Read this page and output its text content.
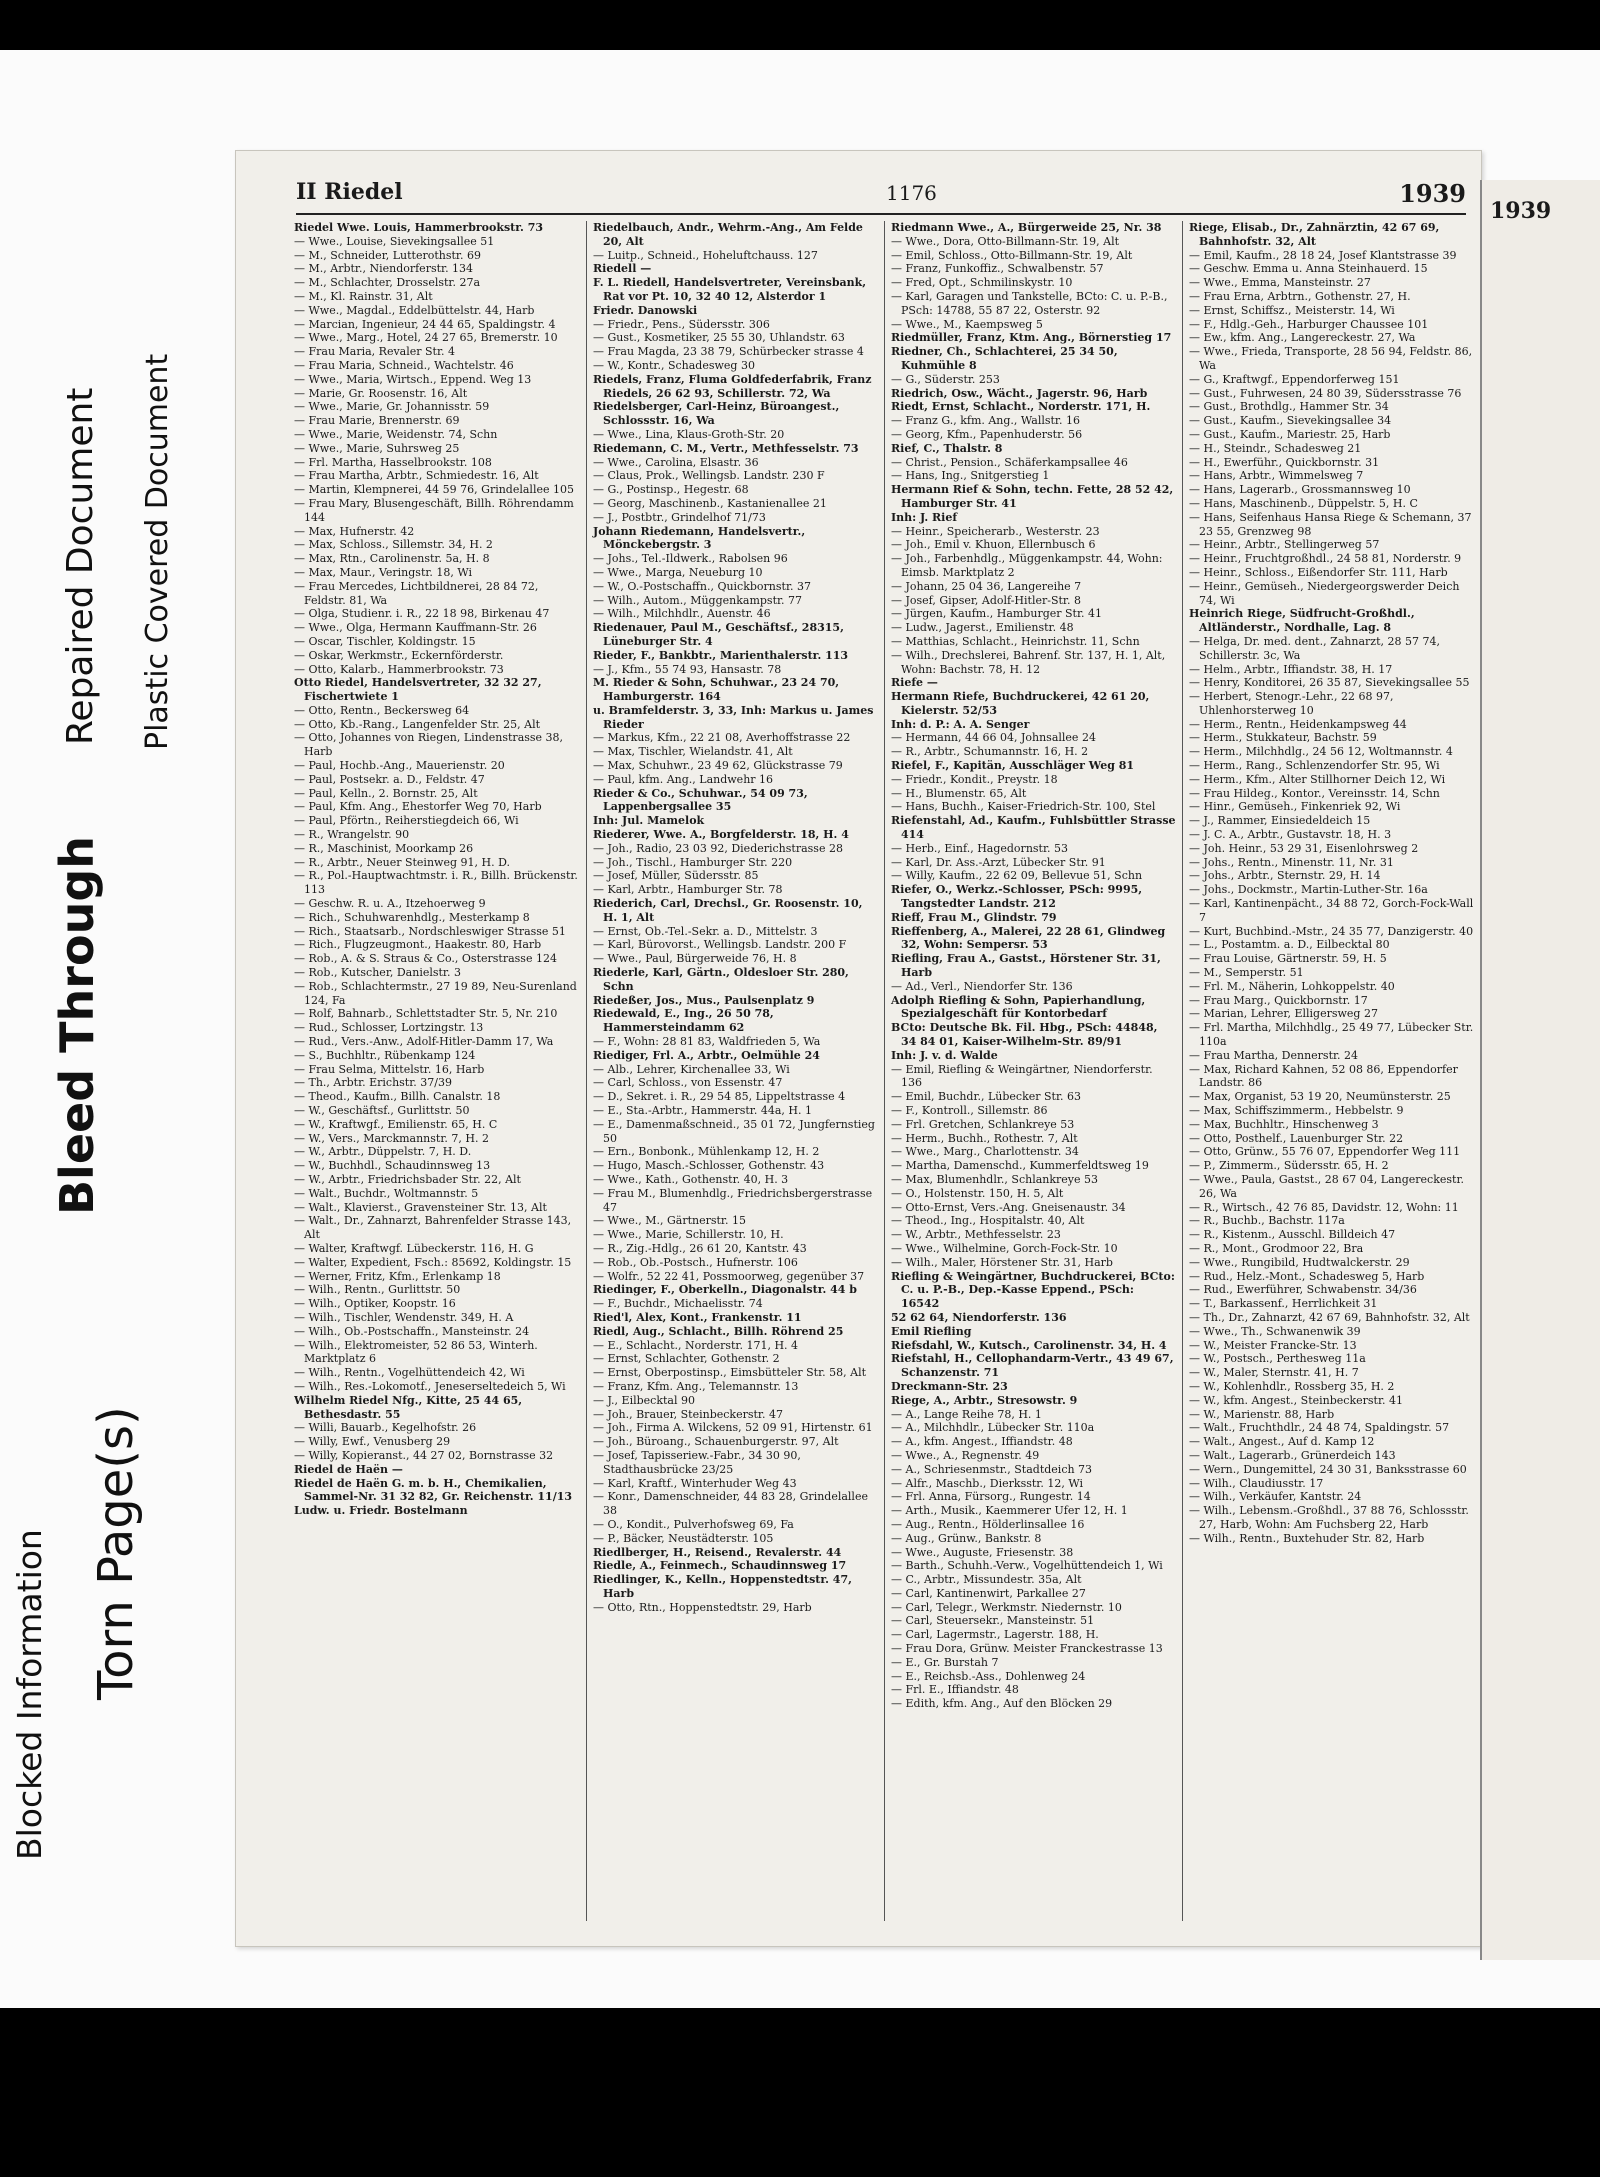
Torn Page(s)
Blocked Information
Bleed Through
Repaired Document Plastic Covered Document
II Riedel	1176	1939
Riedel Wwe. Louis, Hammerbrookstr. 73
— Wwe., Louise, Sievekingsallee 51
— M., Schneider, Lutterothstr. 69
— M., Arbtr., Niendorferstr. 134
— M., Schlachter, Drosselstr. 27a
— M., Kl. Rainstr. 31, Alt
— Wwe., Magdal., Eddelbüttelstr. 44, Harb
— Marcian, Ingenieur, 24 44 65, Spaldingstr. 4
— Wwe., Marg., Hotel, 24 27 65, Bremerstr. 10
— Frau Maria, Revaler Str. 4
— Frau Maria, Schneid., Wachtelstr. 46
— Wwe., Maria, Wirtsch., Eppend. Weg 13
— Marie, Gr. Roosenstr. 16, Alt
— Wwe., Marie, Gr. Johannisstr. 59
— Frau Marie, Brennerstr. 69
— Wwe., Marie, Weidenstr. 74, Schn
— Wwe., Marie, Suhrsweg 25
— Frl. Martha, Hasselbrookstr. 108
— Frau Martha, Arbtr., Schmiedestr. 16, Alt
— Martin, Klempnerei, 44 59 76, Grindelallee 105
— Frau Mary, Blusengeschäft, Billh. Röhrendamm 144
— Max, Hufnerstr. 42
— Max, Schloss., Sillemstr. 34, H. 2
— Max, Rtn., Carolinenstr. 5a, H. 8
— Max, Maur., Veringstr. 18, Wi
— Frau Mercedes, Lichtbildnerei, 28 84 72, Feldstr. 81, Wa
— Olga, Studienr. i. R., 22 18 98, Birkenau 47
— Wwe., Olga, Hermann Kauffmann-Str. 26
— Oscar, Tischler, Koldingstr. 15
— Oskar, Werkmstr., Eckernförderstr.
— Otto, Kalarb., Hammerbrookstr. 73
Otto Riedel, Handelsvertreter, 32 32 27, Fischertwiete 1
— Otto, Rentn., Beckersweg 64
— Otto, Kb.-Rang., Langenfelder Str. 25, Alt
— Otto, Johannes von Riegen, Lindenstrasse 38, Harb
— Paul, Hochb.-Ang., Mauerienstr. 20
— Paul, Postsekr. a. D., Feldstr. 47
— Paul, Kelln., 2. Bornstr. 25, Alt
— Paul, Kfm. Ang., Ehestorfer Weg 70, Harb
— Paul, Pförtn., Reiherstiegdeich 66, Wi
— R., Wrangelstr. 90
— R., Maschinist, Moorkamp 26
— R., Arbtr., Neuer Steinweg 91, H. D.
— R., Pol.-Hauptwachtmstr. i. R., Billh. Brückenstr. 113
— Geschw. R. u. A., Itzehoerweg 9
— Rich., Schuhwarenhdlg., Mesterkamp 8
— Rich., Staatsarb., Nordschleswiger Strasse 51
— Rich., Flugzeugmont., Haakestr. 80, Harb
— Rob., A. & S. Straus & Co., Osterstrasse 124
— Rob., Kutscher, Danielstr. 3
— Rob., Schlachtermstr., 27 19 89, Neu-Surenland 124, Fa
— Rolf, Bahnarb., Schlettstadter Str. 5, Nr. 210
— Rud., Schlosser, Lortzingstr. 13
— Rud., Vers.-Anw., Adolf-Hitler-Damm 17, Wa
— S., Buchhltr., Rübenkamp 124
— Frau Selma, Mittelstr. 16, Harb
— Th., Arbtr. Erichstr. 37/39
— Theod., Kaufm., Billh. Canalstr. 18
— W., Geschäftsf., Gurlittstr. 50
— W., Kraftwgf., Emilienstr. 65, H. C
— W., Vers., Marckmannstr. 7, H. 2
— W., Arbtr., Düppelstr. 7, H. D.
— W., Buchhdl., Schaudinnsweg 13
— W., Arbtr., Friedrichsbader Str. 22, Alt
— Walt., Buchdr., Woltmannstr. 5
— Walt., Klavierst., Gravensteiner Str. 13, Alt
— Walt., Dr., Zahnarzt, Bahrenfelder Strasse 143, Alt
— Walter, Kraftwgf. Lübeckerstr. 116, H. G
— Walter, Expedient, Fsch.: 85692, Koldingstr. 15
— Werner, Fritz, Kfm., Erlenkamp 18
— Wilh., Rentn., Gurlittstr. 50
— Wilh., Optiker, Koopstr. 16
— Wilh., Tischler, Wendenstr. 349, H. A
— Wilh., Ob.-Postschaffn., Mansteinstr. 24
— Wilh., Elektromeister, 52 86 53, Winterh. Marktplatz 6
— Wilh., Rentn., Vogelhüttendeich 42, Wi
— Wilh., Res.-Lokomotf., Jeneserseltedeich 5, Wi
Wilhelm Riedel Nfg., Kitte, 25 44 65, Bethesdastr. 55
— Willi, Bauarb., Kegelhofstr. 26
— Willy, Ewf., Venusberg 29
— Willy, Kopieranst., 44 27 02, Bornstrasse 32
Riedel de Haën —
Riedel de Haën G. m. b. H., Chemikalien, Sammel-Nr. 31 32 82, Gr. Reichenstr. 11/13
Ludw. u. Friedr. Bostelmann
Riedelbauch, Andr., Wehrm.-Ang., Am Felde 20, Alt
— Luitp., Schneid., Hoheluftchauss. 127
Riedell —
F. L. Riedell, Handelsvertreter, Vereinsbank, Rat vor Pt. 10, 32 40 12, Alsterdor 1
Friedr. Danowski
— Friedr., Pens., Südersstr. 306
— Gust., Kosmetiker, 25 55 30, Uhlandstr. 63
— Frau Magda, 23 38 79, Schürbecker strasse 4
— W., Kontr., Schadesweg 30
Riedels, Franz, Fluma Goldfederfabrik, Franz Riedels, 26 62 93, Schillerstr. 72, Wa
Riedelsberger, Carl-Heinz, Büroangest., Schlossstr. 16, Wa
— Wwe., Lina, Klaus-Groth-Str. 20
Riedemann, C. M., Vertr., Methfesselstr. 73
— Wwe., Carolina, Elsastr. 36
— Claus, Prok., Wellingsb. Landstr. 230 F
— G., Postinsp., Hegestr. 68
— Georg, Maschinenb., Kastanienallee 21
— J., Postbtr., Grindelhof 71/73
Johann Riedemann, Handelsvertr., Mönckebergstr. 3
— Johs., Tel.-Ildwerk., Rabolsen 96
— Wwe., Marga, Neueburg 10
— W., O.-Postschaffn., Quickbornstr. 37
— Wilh., Autom., Müggenkampstr. 77
— Wilh., Milchhdlr., Auenstr. 46
Riedenauer, Paul M., Geschäftsf., 28315, Lüneburger Str. 4
Rieder, F., Bankbtr., Marienthalerstr. 113
— J., Kfm., 55 74 93, Hansastr. 78
M. Rieder & Sohn, Schuhwar., 23 24 70, Hamburgerstr. 164
u. Bramfelderstr. 3, 33, Inh: Markus u. James Rieder
— Markus, Kfm., 22 21 08, Averhoffstrasse 22
— Max, Tischler, Wielandstr. 41, Alt
— Max, Schuhwr., 23 49 62, Glückstrasse 79
— Paul, kfm. Ang., Landwehr 16
Rieder & Co., Schuhwar., 54 09 73, Lappenbergsallee 35
Inh: Jul. Mamelok
Riederer, Wwe. A., Borgfelderstr. 18, H. 4
— Joh., Radio, 23 03 92, Diederichstrasse 28
— Joh., Tischl., Hamburger Str. 220
— Josef, Müller, Südersstr. 85
— Karl, Arbtr., Hamburger Str. 78
Riederich, Carl, Drechsl., Gr. Roosenstr. 10, H. 1, Alt
— Ernst, Ob.-Tel.-Sekr. a. D., Mittelstr. 3
— Karl, Bürovorst., Wellingsb. Landstr. 200 F
— Wwe., Paul, Bürgerweide 76, H. 8
Riederle, Karl, Gärtn., Oldesloer Str. 280, Schn
Riedeßer, Jos., Mus., Paulsenplatz 9
Riedewald, E., Ing., 26 50 78, Hammersteindamm 62
— F., Wohn: 28 81 83, Waldfrieden 5, Wa
Riediger, Frl. A., Arbtr., Oelmühle 24
— Alb., Lehrer, Kirchenallee 33, Wi
— Carl, Schloss., von Essenstr. 47
— D., Sekret. i. R., 29 54 85, Lippeltstrasse 4
— E., Sta.-Arbtr., Hammerstr. 44a, H. 1
— E., Damenmaßschneid., 35 01 72, Jungfernstieg 50
— Ern., Bonbonk., Mühlenkamp 12, H. 2
— Hugo, Masch.-Schlosser, Gothenstr. 43
— Wwe., Kath., Gothenstr. 40, H. 3
— Frau M., Blumenhdlg., Friedrichsbergerstrasse 47
— Wwe., M., Gärtnerstr. 15
— Wwe., Marie, Schillerstr. 10, H.
— R., Zig.-Hdlg., 26 61 20, Kantstr. 43
— Rob., Ob.-Postsch., Hufnerstr. 106
— Wolfr., 52 22 41, Possmoorweg, gegenüber 37
Riedinger, F., Oberkelln., Diagonalstr. 44 b
— F., Buchdr., Michaelisstr. 74
Ried'l, Alex, Kont., Frankenstr. 11
Riedl, Aug., Schlacht., Billh. Röhrend 25
— E., Schlacht., Norderstr. 171, H. 4
— Ernst, Schlachter, Gothenstr. 2
— Ernst, Oberpostinsp., Eimsbütteler Str. 58, Alt
— Franz, Kfm. Ang., Telemannstr. 13
— J., Eilbecktal 90
— Joh., Brauer, Steinbeckerstr. 47
— Joh., Firma A. Wilckens, 52 09 91, Hirtenstr. 61
— Joh., Büroang., Schauenburgerstr. 97, Alt
— Josef, Tapisseriew.-Fabr., 34 30 90, Stadthausbrücke 23/25
— Karl, Kraftf., Winterhuder Weg 43
— Konr., Damenschneider, 44 83 28, Grindelallee 38
— O., Kondit., Pulverhofsweg 69, Fa
— P., Bäcker, Neustädterstr. 105
Riedlberger, H., Reisend., Revalerstr. 44
Riedle, A., Feinmech., Schaudinnsweg 17
Riedlinger, K., Kelln., Hoppenstedtstr. 47, Harb
— Otto, Rtn., Hoppenstedtstr. 29, Harb
Riedmann Wwe., A., Bürgerweide 25, Nr. 38
— Wwe., Dora, Otto-Billmann-Str. 19, Alt
— Emil, Schloss., Otto-Billmann-Str. 19, Alt
— Franz, Funkoffiz., Schwalbenstr. 57
— Fred, Opt., Schmilinskystr. 10
— Karl, Garagen und Tankstelle, BCto: C. u. P.-B., PSch: 14788, 55 87 22, Osterstr. 92
— Wwe., M., Kaempsweg 5
Riedmüller, Franz, Ktm. Ang., Börnerstieg 17
Riedner, Ch., Schlachterei, 25 34 50, Kuhmühle 8
— G., Süderstr. 253
Riedrich, Osw., Wächt., Jagerstr. 96, Harb
Riedt, Ernst, Schlacht., Norderstr. 171, H.
— Franz G., kfm. Ang., Wallstr. 16
— Georg, Kfm., Papenhuderstr. 56
Rief, C., Thalstr. 8
— Christ., Pension., Schäferkampsallee 46
— Hans, Ing., Snitgerstieg 1
Hermann Rief & Sohn, techn. Fette, 28 52 42, Hamburger Str. 41
Inh: J. Rief
— Heinr., Speicherarb., Westerstr. 23
— Joh., Emil v. Khuon, Ellernbusch 6
— Joh., Farbenhdlg., Müggenkampstr. 44, Wohn: Eimsb. Marktplatz 2
— Johann, 25 04 36, Langereihe 7
— Josef, Gipser, Adolf-Hitler-Str. 8
— Jürgen, Kaufm., Hamburger Str. 41
— Ludw., Jagerst., Emilienstr. 48
— Matthias, Schlacht., Heinrichstr. 11, Schn
— Wilh., Drechslerei, Bahrenf. Str. 137, H. 1, Alt, Wohn: Bachstr. 78, H. 12
Riefe —
Hermann Riefe, Buchdruckerei, 42 61 20, Kielerstr. 52/53
Inh: d. P.: A. A. Senger
— Hermann, 44 66 04, Johnsallee 24
— R., Arbtr., Schumannstr. 16, H. 2
Riefel, F., Kapitän, Ausschläger Weg 81
— Friedr., Kondit., Preystr. 18
— H., Blumenstr. 65, Alt
— Hans, Buchh., Kaiser-Friedrich-Str. 100, Stel
Riefenstahl, Ad., Kaufm., Fuhlsbüttler Strasse 414
— Herb., Einf., Hagedornstr. 53
— Karl, Dr. Ass.-Arzt, Lübecker Str. 91
— Willy, Kaufm., 22 62 09, Bellevue 51, Schn
Riefer, O., Werkz.-Schlosser, PSch: 9995, Tangstedter Landstr. 212
Rieff, Frau M., Glindstr. 79
Rieffenberg, A., Malerei, 22 28 61, Glindweg 32, Wohn: Sempersr. 53
Riefling, Frau A., Gastst., Hörstener Str. 31, Harb
— Ad., Verl., Niendorfer Str. 136
Adolph Riefling & Sohn, Papierhandlung, Spezialgeschäft für Kontorbedarf
BCto: Deutsche Bk. Fil. Hbg., PSch: 44848, 34 84 01, Kaiser-Wilhelm-Str. 89/91
Inh: J. v. d. Walde
— Emil, Riefling & Weingärtner, Niendorferstr. 136
— Emil, Buchdr., Lübecker Str. 63
— F., Kontroll., Sillemstr. 86
— Frl. Gretchen, Schlankreye 53
— Herm., Buchh., Rothestr. 7, Alt
— Wwe., Marg., Charlottenstr. 34
— Martha, Damenschd., Kummerfeldtsweg 19
— Max, Blumenhdlr., Schlankreye 53
— O., Holstenstr. 150, H. 5, Alt
— Otto-Ernst, Vers.-Ang. Gneisenaustr. 34
— Theod., Ing., Hospitalstr. 40, Alt
— W., Arbtr., Methfesselstr. 23
— Wwe., Wilhelmine, Gorch-Fock-Str. 10
— Wilh., Maler, Hörstener Str. 31, Harb
Riefling & Weingärtner, Buchdruckerei, BCto: C. u. P.-B., Dep.-Kasse Eppend., PSch: 16542
52 62 64, Niendorferstr. 136
Emil Riefling
Riefsdahl, W., Kutsch., Carolinenstr. 34, H. 4
Riefstahl, H., Cellophandarm-Vertr., 43 49 67, Schanzenstr. 71
Dreckmann-Str. 23
Riege, A., Arbtr., Stresowstr. 9
— A., Lange Reihe 78, H. 1
— A., Milchhdlr., Lübecker Str. 110a
— A., kfm. Angest., Iffiandstr. 48
— Wwe., A., Regnenstr. 49
— A., Schriesenmstr., Stadtdeich 73
— Alfr., Maschb., Dierksstr. 12, Wi
— Frl. Anna, Fürsorg., Rungestr. 14
— Arth., Musik., Kaemmerer Ufer 12, H. 1
— Aug., Rentn., Hölderlinsallee 16
— Aug., Grünw., Bankstr. 8
— Wwe., Auguste, Friesenstr. 38
— Barth., Schuhh.-Verw., Vogelhüttendeich 1, Wi
— C., Arbtr., Missundestr. 35a, Alt
— Carl, Kantinenwirt, Parkallee 27
— Carl, Telegr., Werkmstr. Niedernstr. 10
— Carl, Steuersekr., Mansteinstr. 51
— Carl, Lagermstr., Lagerstr. 188, H.
— Frau Dora, Grünw. Meister Franckestrasse 13
— E., Gr. Burstah 7
— E., Reichsb.-Ass., Dohlenweg 24
— Frl. E., Iffiandstr. 48
— Edith, kfm. Ang., Auf den Blöcken 29
Riege, Elisab., Dr., Zahnärztin, 42 67 69, Bahnhofstr. 32, Alt
— Emil, Kaufm., 28 18 24, Josef Klantstrasse 39
— Geschw. Emma u. Anna Steinhauerd. 15
— Wwe., Emma, Mansteinstr. 27
— Frau Erna, Arbtrn., Gothenstr. 27, H.
— Ernst, Schiffsz., Meisterstr. 14, Wi
— F., Hdlg.-Geh., Harburger Chaussee 101
— Ew., kfm. Ang., Langereckestr. 27, Wa
— Wwe., Frieda, Transporte, 28 56 94, Feldstr. 86, Wa
— G., Kraftwgf., Eppendorferweg 151
— Gust., Fuhrwesen, 24 80 39, Südersstrasse 76
— Gust., Brothdlg., Hammer Str. 34
— Gust., Kaufm., Sievekingsallee 34
— Gust., Kaufm., Mariestr. 25, Harb
— H., Steindr., Schadesweg 21
— H., Ewerführ., Quickbornstr. 31
— Hans, Arbtr., Wimmelsweg 7
— Hans, Lagerarb., Grossmannsweg 10
— Hans, Maschinenb., Düppelstr. 5, H. C
— Hans, Seifenhaus Hansa Riege & Schemann, 37 23 55, Grenzweg 98
— Heinr., Arbtr., Stellingerweg 57
— Heinr., Fruchtgroßhdl., 24 58 81, Norderstr. 9
— Heinr., Schloss., Eißendorfer Str. 111, Harb
— Heinr., Gemüseh., Niedergeorgswerder Deich 74, Wi
Heinrich Riege, Südfrucht-Großhdl., Altländerstr., Nordhalle, Lag. 8
— Helga, Dr. med. dent., Zahnarzt, 28 57 74, Schillerstr. 3c, Wa
— Helm., Arbtr., Iffiandstr. 38, H. 17
— Henry, Konditorei, 26 35 87, Sievekingsallee 55
— Herbert, Stenogr.-Lehr., 22 68 97, Uhlenhorsterweg 10
— Herm., Rentn., Heidenkampsweg 44
— Herm., Stukkateur, Bachstr. 59
— Herm., Milchhdlg., 24 56 12, Woltmannstr. 4
— Herm., Rang., Schlenzendorfer Str. 95, Wi
— Herm., Kfm., Alter Stillhorner Deich 12, Wi
— Frau Hildeg., Kontor., Vereinsstr. 14, Schn
— Hinr., Gemüseh., Finkenriek 92, Wi
— J., Rammer, Einsiedeldeich 15
— J. C. A., Arbtr., Gustavstr. 18, H. 3
— Joh. Heinr., 53 29 31, Eisenlohrsweg 2
— Johs., Rentn., Minenstr. 11, Nr. 31
— Johs., Arbtr., Sternstr. 29, H. 14
— Johs., Dockmstr., Martin-Luther-Str. 16a
— Karl, Kantinenpächt., 34 88 72, Gorch-Fock-Wall 7
— Kurt, Buchbind.-Mstr., 24 35 77, Danzigerstr. 40
— L., Postamtm. a. D., Eilbecktal 80
— Frau Louise, Gärtnerstr. 59, H. 5
— M., Semperstr. 51
— Frl. M., Näherin, Lohkoppelstr. 40
— Frau Marg., Quickbornstr. 17
— Marian, Lehrer, Elligersweg 27
— Frl. Martha, Milchhdlg., 25 49 77, Lübecker Str. 110a
— Frau Martha, Dennerstr. 24
— Max, Richard Kahnen, 52 08 86, Eppendorfer Landstr. 86
— Max, Organist, 53 19 20, Neumünsterstr. 25
— Max, Schiffszimmerm., Hebbelstr. 9
— Max, Buchhltr., Hinschenweg 3
— Otto, Posthelf., Lauenburger Str. 22
— Otto, Grünw., 55 76 07, Eppendorfer Weg 111
— P., Zimmerm., Südersstr. 65, H. 2
— Wwe., Paula, Gastst., 28 67 04, Langereckestr. 26, Wa
— R., Wirtsch., 42 76 85, Davidstr. 12, Wohn: 11
— R., Buchb., Bachstr. 117a
— R., Kistenm., Ausschl. Billdeich 47
— R., Mont., Grodmoor 22, Bra
— Wwe., Rungibild, Hudtwalckerstr. 29
— Rud., Helz.-Mont., Schadesweg 5, Harb
— Rud., Ewerführer, Schwabenstr. 34/36
— T., Barkassenf., Herrlichkeit 31
— Th., Dr., Zahnarzt, 42 67 69, Bahnhofstr. 32, Alt
— Wwe., Th., Schwanenwik 39
— W., Meister Francke-Str. 13
— W., Postsch., Perthesweg 11a
— W., Maler, Sternstr. 41, H. 7
— W., Kohlenhdlr., Rossberg 35, H. 2
— W., kfm. Angest., Steinbeckerstr. 41
— W., Marienstr. 88, Harb
— Walt., Fruchthdlr., 24 48 74, Spaldingstr. 57
— Walt., Angest., Auf d. Kamp 12
— Walt., Lagerarb., Grünerdeich 143
— Wern., Dungemittel, 24 30 31, Banksstrasse 60
— Wilh., Claudiusstr. 17
— Wilh., Verkäufer, Kantstr. 24
— Wilh., Lebensm.-Großhdl., 37 88 76, Schlossstr. 27, Harb, Wohn: Am Fuchsberg 22, Harb
— Wilh., Rentn., Buxtehuder Str. 82, Harb
1939
